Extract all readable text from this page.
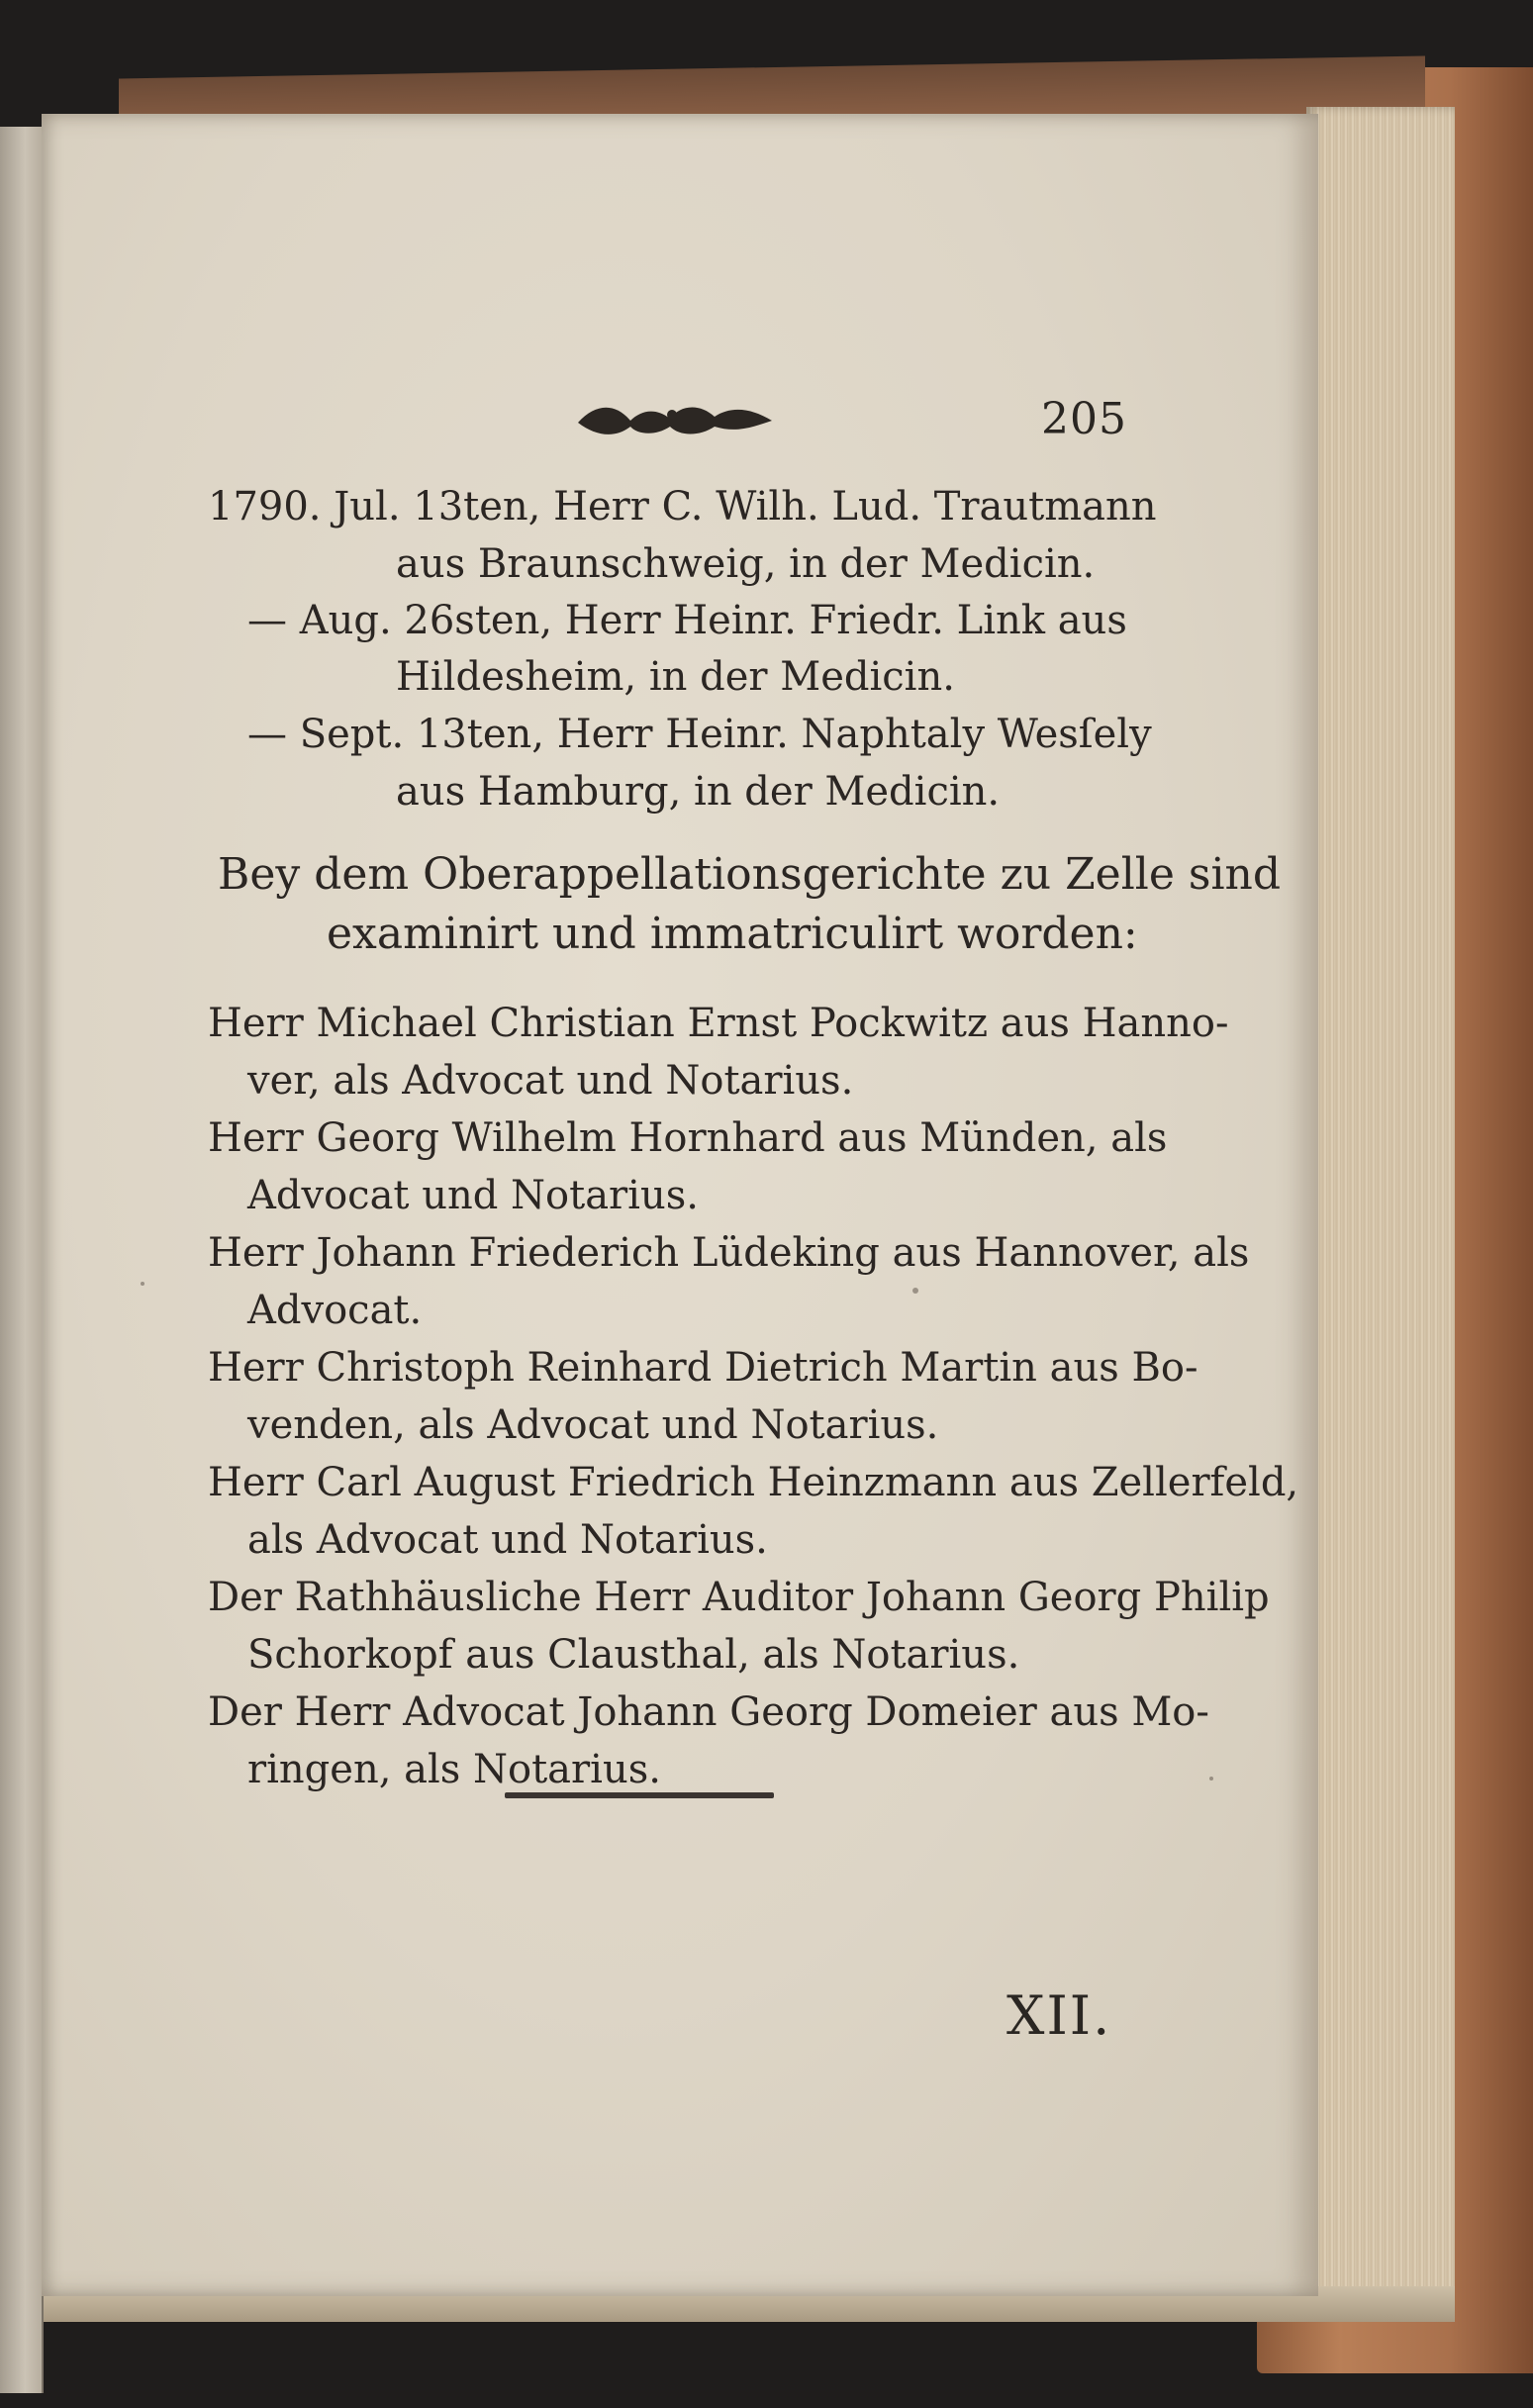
205
1790. Jul. 13ten, Herr C. Wilh. Lud. Trautmann
aus Braunschweig, in der Medicin.
— Aug. 26sten, Herr Heinr. Friedr. Link aus
Hildesheim, in der Medicin.
— Sept. 13ten, Herr Heinr. Naphtaly Wesſely
aus Hamburg, in der Medicin.
Bey dem Oberappellationsgerichte zu Zelle sind
examinirt und immatriculirt worden:
Herr Michael Christian Ernst Pockwitz aus Hanno-
ver, als Advocat und Notarius.
Herr Georg Wilhelm Hornhard aus Münden, als
Advocat und Notarius.
Herr Johann Friederich Lüdeking aus Hannover, als
Advocat.
Herr Christoph Reinhard Dietrich Martin aus Bo-
venden, als Advocat und Notarius.
Herr Carl August Friedrich Heinzmann aus Zellerfeld,
als Advocat und Notarius.
Der Rathhäusliche Herr Auditor Johann Georg Philip
Schorkopf aus Clausthal, als Notarius.
Der Herr Advocat Johann Georg Domeier aus Mo-
ringen, als Notarius.
XII.
